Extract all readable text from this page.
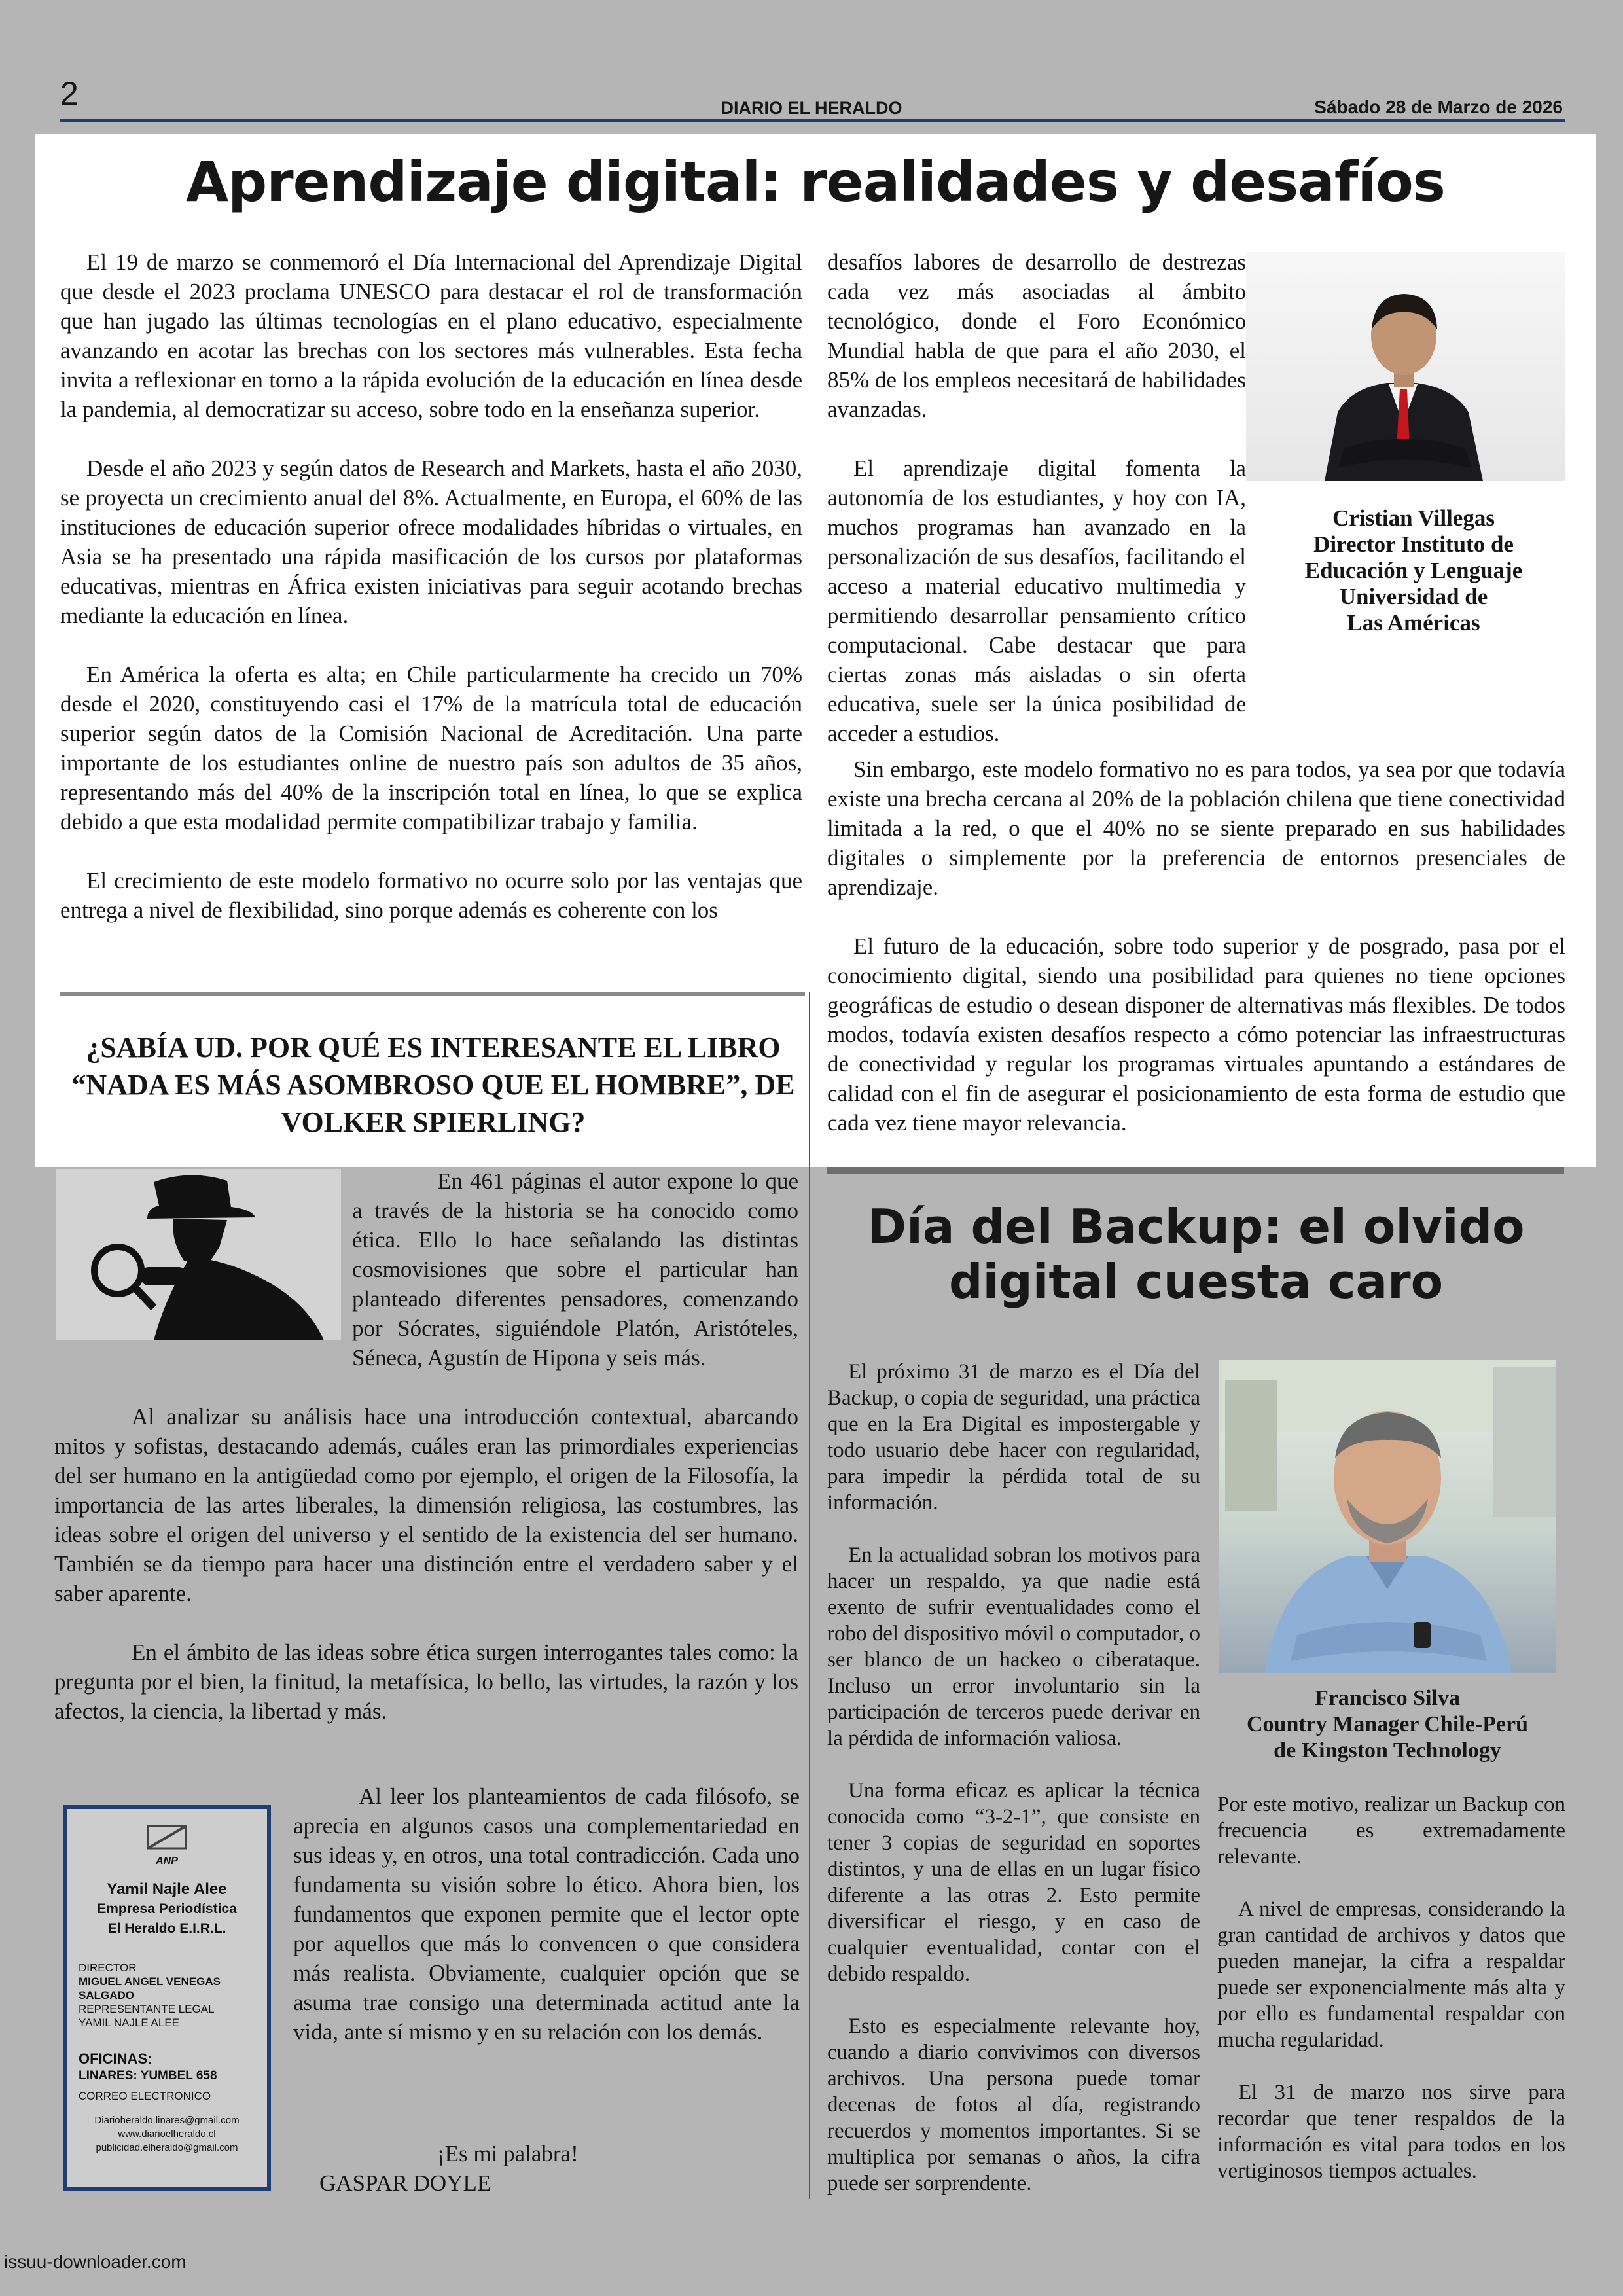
2	DIARIO EL HERALDO	Sábado 28 de Marzo de 2026
Aprendizaje digital: realidades y desafíos

El 19 de marzo se conmemoró el Día Internacional del Aprendizaje Digital que desde el 2023 proclama UNESCO para destacar el rol de transformación que han jugado las últimas tecnologías en el plano educativo, especialmente avanzando en acotar las brechas con los sectores más vulnerables. Esta fecha invita a reflexionar en torno a la rápida evolución de la educación en línea desde la pandemia, al democratizar su acceso, sobre todo en la enseñanza superior.

Desde el año 2023 y según datos de Research and Markets, hasta el año 2030, se proyecta un crecimiento anual del 8%. Actualmente, en Europa, el 60% de las instituciones de educación superior ofrece modalidades híbridas o virtuales, en Asia se ha presentado una rápida masificación de los cursos por plataformas educativas, mientras en África existen iniciativas para seguir acotando brechas mediante la educación en línea.

En América la oferta es alta; en Chile particularmente ha crecido un 70% desde el 2020, constituyendo casi el 17% de la matrícula total de educación superior según datos de la Comisión Nacional de Acreditación. Una parte importante de los estudiantes online de nuestro país son adultos de 35 años, representando más del 40% de la inscripción total en línea, lo que se explica debido a que esta modalidad permite compatibilizar trabajo y familia.

El crecimiento de este modelo formativo no ocurre solo por las ventajas que entrega a nivel de flexibilidad, sino porque además es coherente con los

desafíos labores de desarrollo de destrezas cada vez más asociadas al ámbito tecnológico, donde el Foro Económico Mundial habla de que para el año 2030, el 85% de los empleos necesitará de habilidades avanzadas.

El aprendizaje digital fomenta la autonomía de los estudiantes, y hoy con IA, muchos programas han avanzado en la personalización de sus desafíos, facilitando el acceso a material educativo multimedia y permitiendo desarrollar pensamiento crítico computacional. Cabe destacar que para ciertas zonas más aisladas o sin oferta educativa, suele ser la única posibilidad de acceder a estudios.

Cristian Villegas
Director Instituto de
Educación y Lenguaje
Universidad de
Las Américas

Sin embargo, este modelo formativo no es para todos, ya sea por que todavía existe una brecha cercana al 20% de la población chilena que tiene conectividad limitada a la red, o que el 40% no se siente preparado en sus habilidades digitales o simplemente por la preferencia de entornos presenciales de aprendizaje.

El futuro de la educación, sobre todo superior y de posgrado, pasa por el conocimiento digital, siendo una posibilidad para quienes no tiene opciones geográficas de estudio o desean disponer de alternativas más flexibles. De todos modos, todavía existen desafíos respecto a cómo potenciar las infraestructuras de conectividad y regular los programas virtuales apuntando a estándares de calidad con el fin de asegurar el posicionamiento de esta forma de estudio que cada vez tiene mayor relevancia.

¿SABÍA UD. POR QUÉ ES INTERESANTE EL LIBRO “NADA ES MÁS ASOMBROSO QUE EL HOMBRE”, DE VOLKER SPIERLING?

En 461 páginas el autor expone lo que a través de la historia se ha conocido como ética. Ello lo hace señalando las distintas cosmovisiones que sobre el particular han planteado diferentes pensadores, comenzando por Sócrates, siguiéndole Platón, Aristóteles, Séneca, Agustín de Hipona y seis más.

Al analizar su análisis hace una introducción contextual, abarcando mitos y sofistas, destacando además, cuáles eran las primordiales experiencias del ser humano en la antigüedad como por ejemplo, el origen de la Filosofía, la importancia de las artes liberales, la dimensión religiosa, las costumbres, las ideas sobre el origen del universo y el sentido de la existencia del ser humano. También se da tiempo para hacer una distinción entre el verdadero saber y el saber aparente.

En el ámbito de las ideas sobre ética surgen interrogantes tales como: la pregunta por el bien, la finitud, la metafísica, lo bello, las virtudes, la razón y los afectos, la ciencia, la libertad y más.

ANP
Yamil Najle Alee
Empresa Periodística
El Heraldo E.I.R.L.
DIRECTOR
MIGUEL ANGEL VENEGAS SALGADO
REPRESENTANTE LEGAL
YAMIL NAJLE ALEE
OFICINAS:
LINARES: YUMBEL 658
CORREO ELECTRONICO
Diarioheraldo.linares@gmail.com
www.diarioelheraldo.cl
publicidad.elheraldo@gmail.com

Al leer los planteamientos de cada filósofo, se aprecia en algunos casos una complementariedad en sus ideas y, en otros, una total contradicción. Cada uno fundamenta su visión sobre lo ético. Ahora bien, los fundamentos que exponen permite que el lector opte por aquellos que más lo convencen o que considera más realista. Obviamente, cualquier opción que se asuma trae consigo una determinada actitud ante la vida, ante sí mismo y en su relación con los demás.

¡Es mi palabra!
GASPAR DOYLE
Día del Backup: el olvido digital cuesta caro

El próximo 31 de marzo es el Día del Backup, o copia de seguridad, una práctica que en la Era Digital es impostergable y todo usuario debe hacer con regularidad, para impedir la pérdida total de su información.

En la actualidad sobran los motivos para hacer un respaldo, ya que nadie está exento de sufrir eventualidades como el robo del dispositivo móvil o computador, o ser blanco de un hackeo o ciberataque. Incluso un error involuntario sin la participación de terceros puede derivar en la pérdida de información valiosa.

Una forma eficaz es aplicar la técnica conocida como “3-2-1”, que consiste en tener 3 copias de seguridad en soportes distintos, y una de ellas en un lugar físico diferente a las otras 2. Esto permite diversificar el riesgo, y en caso de cualquier eventualidad, contar con el debido respaldo.

Esto es especialmente relevante hoy, cuando a diario convivimos con diversos archivos. Una persona puede tomar decenas de fotos al día, registrando recuerdos y momentos importantes. Si se multiplica por semanas o años, la cifra puede ser sorprendente.

Francisco Silva
Country Manager Chile-Perú
de Kingston Technology

Por este motivo, realizar un Backup con frecuencia es extremadamente relevante.

A nivel de empresas, considerando la gran cantidad de archivos y datos que pueden manejar, la cifra a respaldar puede ser exponencialmente más alta y por ello es fundamental respaldar con mucha regularidad.

El 31 de marzo nos sirve para recordar que tener respaldos de la información es vital para todos en los vertiginosos tiempos actuales.

issuu-downloader.com
